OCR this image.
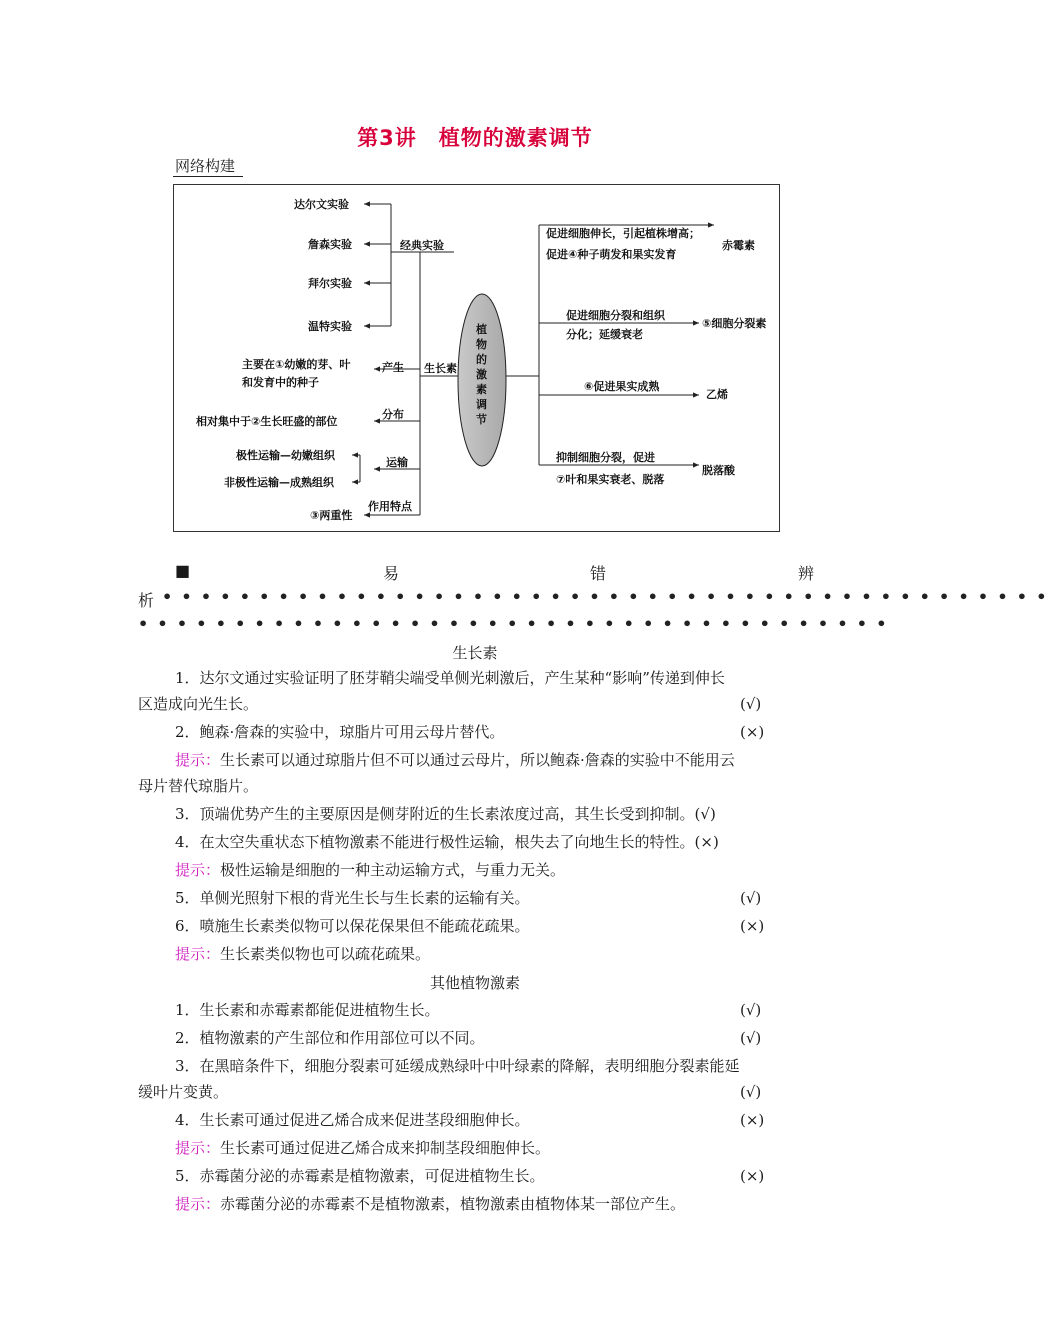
第3讲　植物的激素调节
网络构建
达尔文实验
詹森实验
拜尔实验
温特实验
经典实验
生长素
产生
主要在①幼嫩的芽、叶
和发育中的种子
分布
相对集中于②生长旺盛的部位
运输
极性运输—幼嫩组织
非极性运输—成熟组织
作用特点
③两重性
植
物
的
激
素
调
节
促进细胞伸长，引起植株增高；
促进④种子萌发和果实发育
赤霉素
促进细胞分裂和组织
分化；延缓衰老
⑤细胞分裂素
⑥促进果实成熟
乙烯
抑制细胞分裂，促进
⑦叶和果实衰老、脱落
脱落酸
■	易	错	辨
析 ••••••••••••••••••••••••••••••••••••••••••••••
•••••••••••••••••••••••••••••••••••••••
生长素
1．达尔文通过实验证明了胚芽鞘尖端受单侧光刺激后，产生某种“影响”传递到伸长
区造成向光生长。	(√)
2．鲍森·詹森的实验中，琼脂片可用云母片替代。	(×)
提示：生长素可以通过琼脂片但不可以通过云母片，所以鲍森·詹森的实验中不能用云
母片替代琼脂片。
3．顶端优势产生的主要原因是侧芽附近的生长素浓度过高，其生长受到抑制。(√)
4．在太空失重状态下植物激素不能进行极性运输，根失去了向地生长的特性。(×)
提示：极性运输是细胞的一种主动运输方式，与重力无关。
5．单侧光照射下根的背光生长与生长素的运输有关。	(√)
6．喷施生长素类似物可以保花保果但不能疏花疏果。	(×)
提示：生长素类似物也可以疏花疏果。
其他植物激素
1．生长素和赤霉素都能促进植物生长。	(√)
2．植物激素的产生部位和作用部位可以不同。	(√)
3．在黑暗条件下，细胞分裂素可延缓成熟绿叶中叶绿素的降解，表明细胞分裂素能延
缓叶片变黄。	(√)
4．生长素可通过促进乙烯合成来促进茎段细胞伸长。	(×)
提示：生长素可通过促进乙烯合成来抑制茎段细胞伸长。
5．赤霉菌分泌的赤霉素是植物激素，可促进植物生长。	(×)
提示：赤霉菌分泌的赤霉素不是植物激素，植物激素由植物体某一部位产生。
